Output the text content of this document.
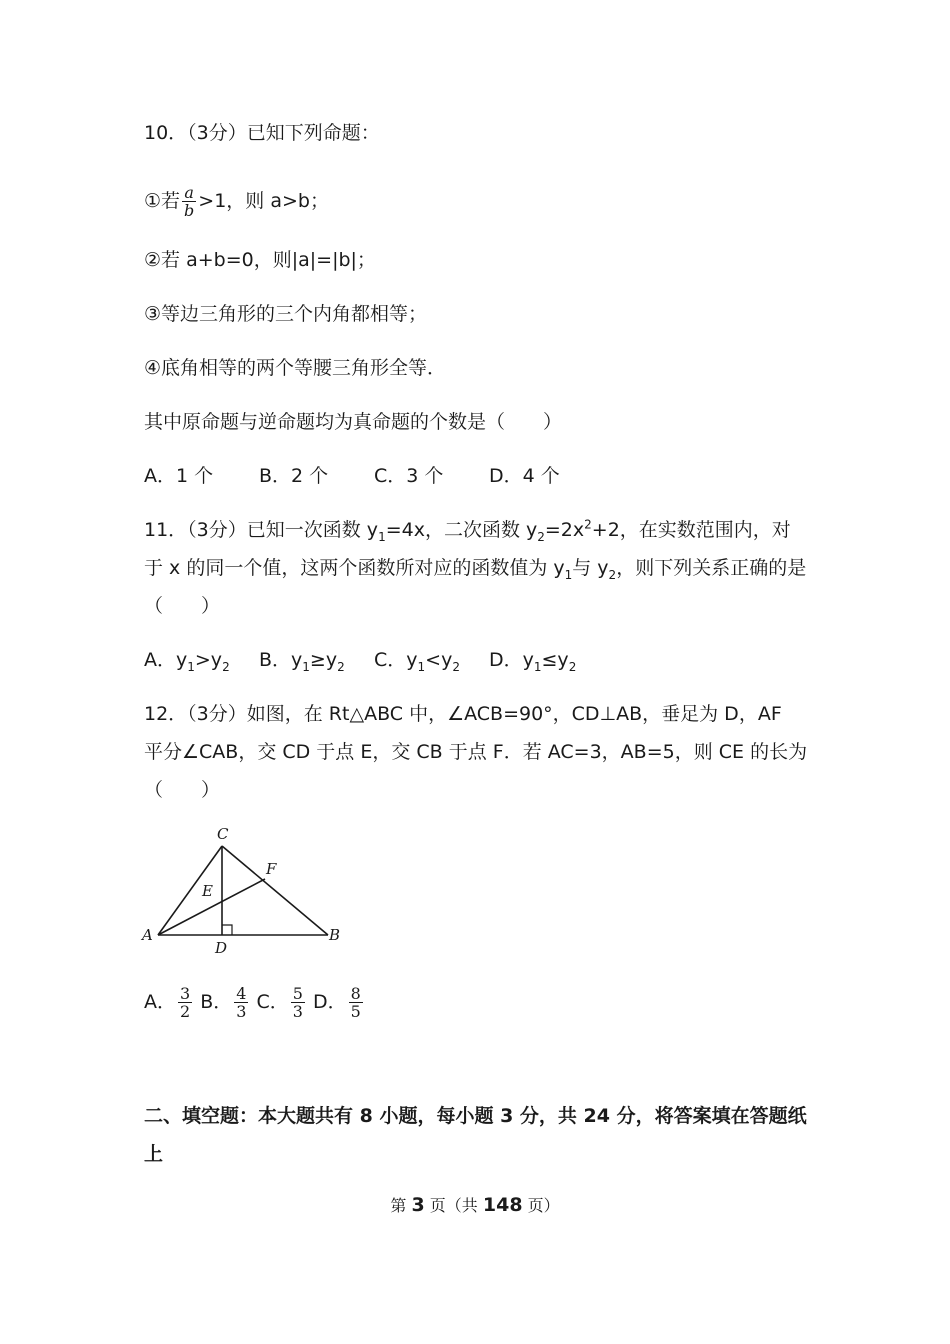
10．（3分）已知下列命题：
①若 $\frac{a}{b} >1$，则 a>b；
②若 a+b=0，则|a|=|b|；
③等边三角形的三个内角都相等；
④底角相等的两个等腰三角形全等．
其中原命题与逆命题均为真命题的个数是（　　）
A．1 个 B．2 个 C．3 个 D．4 个
11．（3分）已知一次函数 $y_1=4x$，二次函数 $y_2=2x^2+2$，在实数范围内，对
于 x 的同一个值，这两个函数所对应的函数值为 $y_1$与 $y_2$，则下列关系正确的是
（　　）
A．$y_1>y_2$ B．$y_1\ge y_2$ C．$y_1<y_2$ D．$y_1\le y_2$
12．（3分）如图，在 Rt△ABC 中，∠ACB=90°，CD⊥AB，垂足为 D，AF
平分∠CAB，交 CD 于点 E，交 CB 于点 F．若 AC=3，AB=5，则 CE 的长为
（　　）
C
F
E
A
D
B
A． $\frac{3}{2}$ B． $\frac{4}{3}$ C． $\frac{5}{3}$ D． $\frac{8}{5}$
二、填空题：本大题共有 8 小题，每小题 3 分，共 24 分，将答案填在答题纸
上
第 3 页（共 148 页）
